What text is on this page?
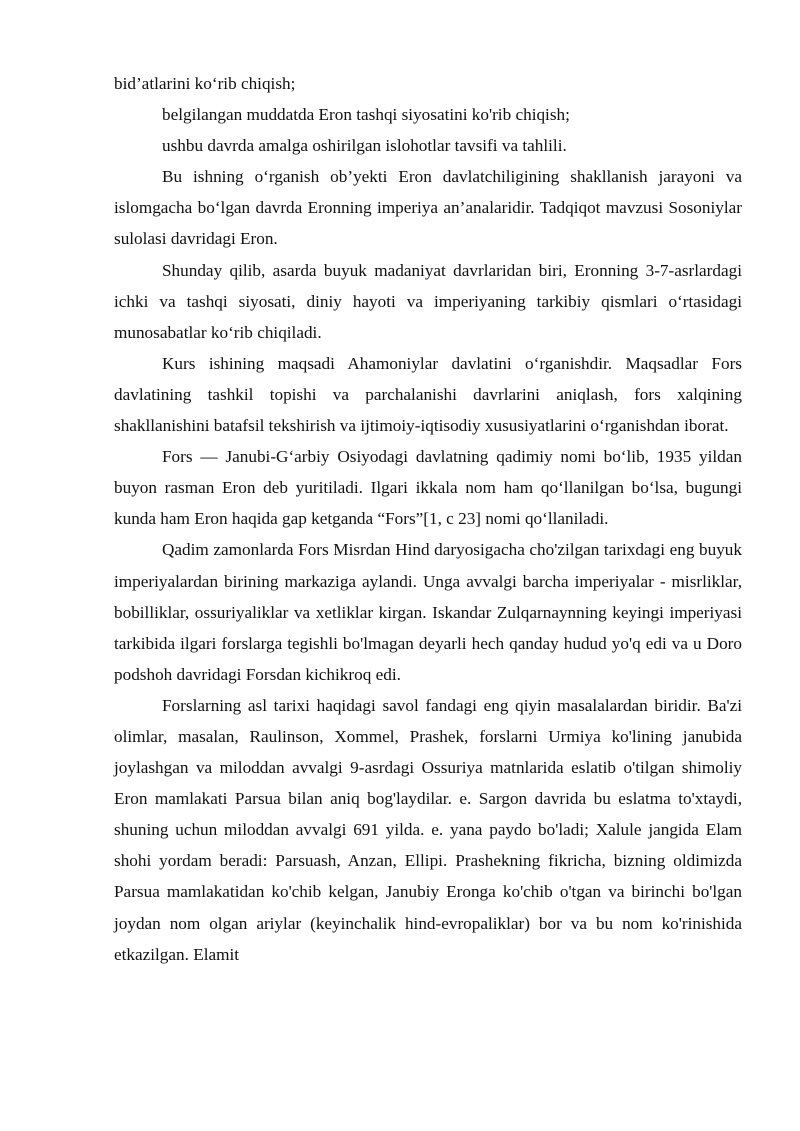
bid’atlarini ko‘rib chiqish;

belgilangan muddatda Eron tashqi siyosatini ko'rib chiqish;

ushbu davrda amalga oshirilgan islohotlar tavsifi va tahlili.

Bu ishning o‘rganish ob’yekti Eron davlatchiligining shakllanish jarayoni va islomgacha bo‘lgan davrda Eronning imperiya an’analaridir. Tadqiqot mavzusi Sosoniylar sulolasi davridagi Eron.

Shunday qilib, asarda buyuk madaniyat davrlaridan biri, Eronning 3-7-asrlardagi ichki va tashqi siyosati, diniy hayoti va imperiyaning tarkibiy qismlari o‘rtasidagi munosabatlar ko‘rib chiqiladi.

Kurs ishining maqsadi Ahamoniylar davlatini o‘rganishdir. Maqsadlar Fors davlatining tashkil topishi va parchalanishi davrlarini aniqlash, fors xalqining shakllanishini batafsil tekshirish va ijtimoiy-iqtisodiy xususiyatlarini o‘rganishdan iborat.

Fors — Janubi-G‘arbiy Osiyodagi davlatning qadimiy nomi bo‘lib, 1935 yildan buyon rasman Eron deb yuritiladi. Ilgari ikkala nom ham qo‘llanilgan bo‘lsa, bugungi kunda ham Eron haqida gap ketganda “Fors”[1, c 23] nomi qo‘llaniladi.

Qadim zamonlarda Fors Misrdan Hind daryosigacha cho'zilgan tarixdagi eng buyuk imperiyalardan birining markaziga aylandi. Unga avvalgi barcha imperiyalar - misrliklar, bobilliklar, ossuriyaliklar va xetliklar kirgan. Iskandar Zulqarnaynning keyingi imperiyasi tarkibida ilgari forslarga tegishli bo'lmagan deyarli hech qanday hudud yo'q edi va u Doro podshoh davridagi Forsdan kichikroq edi.

Forslarning asl tarixi haqidagi savol fandagi eng qiyin masalalardan biridir. Ba'zi olimlar, masalan, Raulinson, Xommel, Prashek, forslarni Urmiya ko'lining janubida joylashgan va miloddan avvalgi 9-asrdagi Ossuriya matnlarida eslatib o'tilgan shimoliy Eron mamlakati Parsua bilan aniq bog'laydilar. e. Sargon davrida bu eslatma to'xtaydi, shuning uchun miloddan avvalgi 691 yilda. e. yana paydo bo'ladi; Xalule jangida Elam shohi yordam beradi: Parsuash, Anzan, Ellipi. Prashekning fikricha, bizning oldimizda Parsua mamlakatidan ko'chib kelgan, Janubiy Eronga ko'chib o'tgan va birinchi bo'lgan joydan nom olgan ariylar (keyinchalik hind-evropaliklar) bor va bu nom ko'rinishida etkazilgan. Elamit
